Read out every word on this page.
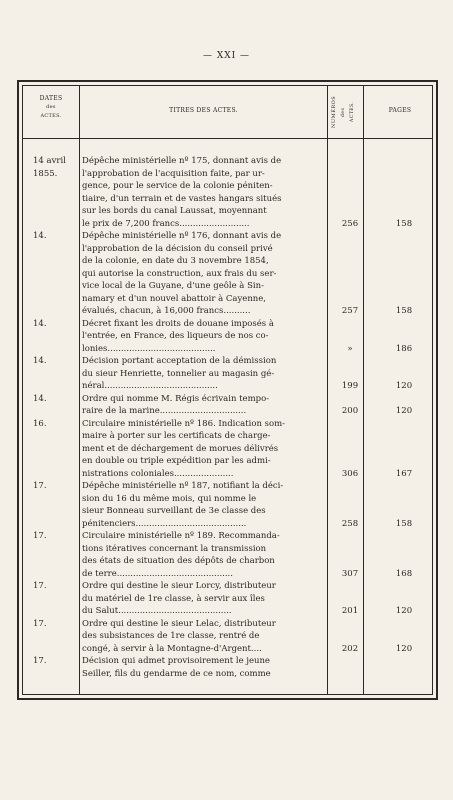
— XXI —
DATES
des
ACTES.
TITRES DES ACTES.	NUMÉROS des ACTES.	PAGES
14 avril
1855.
Dépêche ministérielle nº 175, donnant avis de
l'approbation de l'acquisition faite, par ur-
gence, pour le service de la colonie péniten-
tiaire, d'un terrain et de vastes hangars situés
sur les bords du canal Laussat, moyennant
le prix de 7,200 francs..........................	256	158
14.	Dépêche ministérielle nº 176, donnant avis de
l'approbation de la décision du conseil privé
de la colonie, en date du 3 novembre 1854,
qui autorise la construction, aux frais du ser-
vice local de la Guyane, d'une geôle à Sin-
namary et d'un nouvel abattoir à Cayenne,
évalués, chacun, à 16,000 francs..........	257	158
14.	Décret fixant les droits de douane imposés à
l'entrée, en France, des liqueurs de nos co-
lonies........................................	»	186
14.	Décision portant acceptation de la démission
du sieur Henriette, tonnelier au magasin gé-
néral..........................................	199	120
14.	Ordre qui nomme M. Régis écrivain tempo-
raire de la marine................................	200	120
16.	Circulaire ministérielle nº 186. Indication som-
maire à porter sur les certificats de charge-
ment et de déchargement de morues délivrés
en double ou triple expédition par les admi-
nistrations coloniales......................	306	167
17.	Dépêche ministérielle nº 187, notifiant la déci-
sion du 16 du même mois, qui nomme le
sieur Bonneau surveillant de 3e classe des
pénitenciers.........................................	258	158
17.	Circulaire ministérielle nº 189. Recommanda-
tions itératives concernant la transmission
des états de situation des dépôts de charbon
de terre...........................................	307	168
17.	Ordre qui destine le sieur Lorcy, distributeur
du matériel de 1re classe, à servir aux îles
du Salut..........................................	201	120
17.	Ordre qui destine le sieur Lelac, distributeur
des subsistances de 1re classe, rentré de
congé, à servir à la Montagne-d'Argent....	202	120
17.	Décision qui admet provisoirement le jeune
Seiller, fils du gendarme de ce nom, comme
